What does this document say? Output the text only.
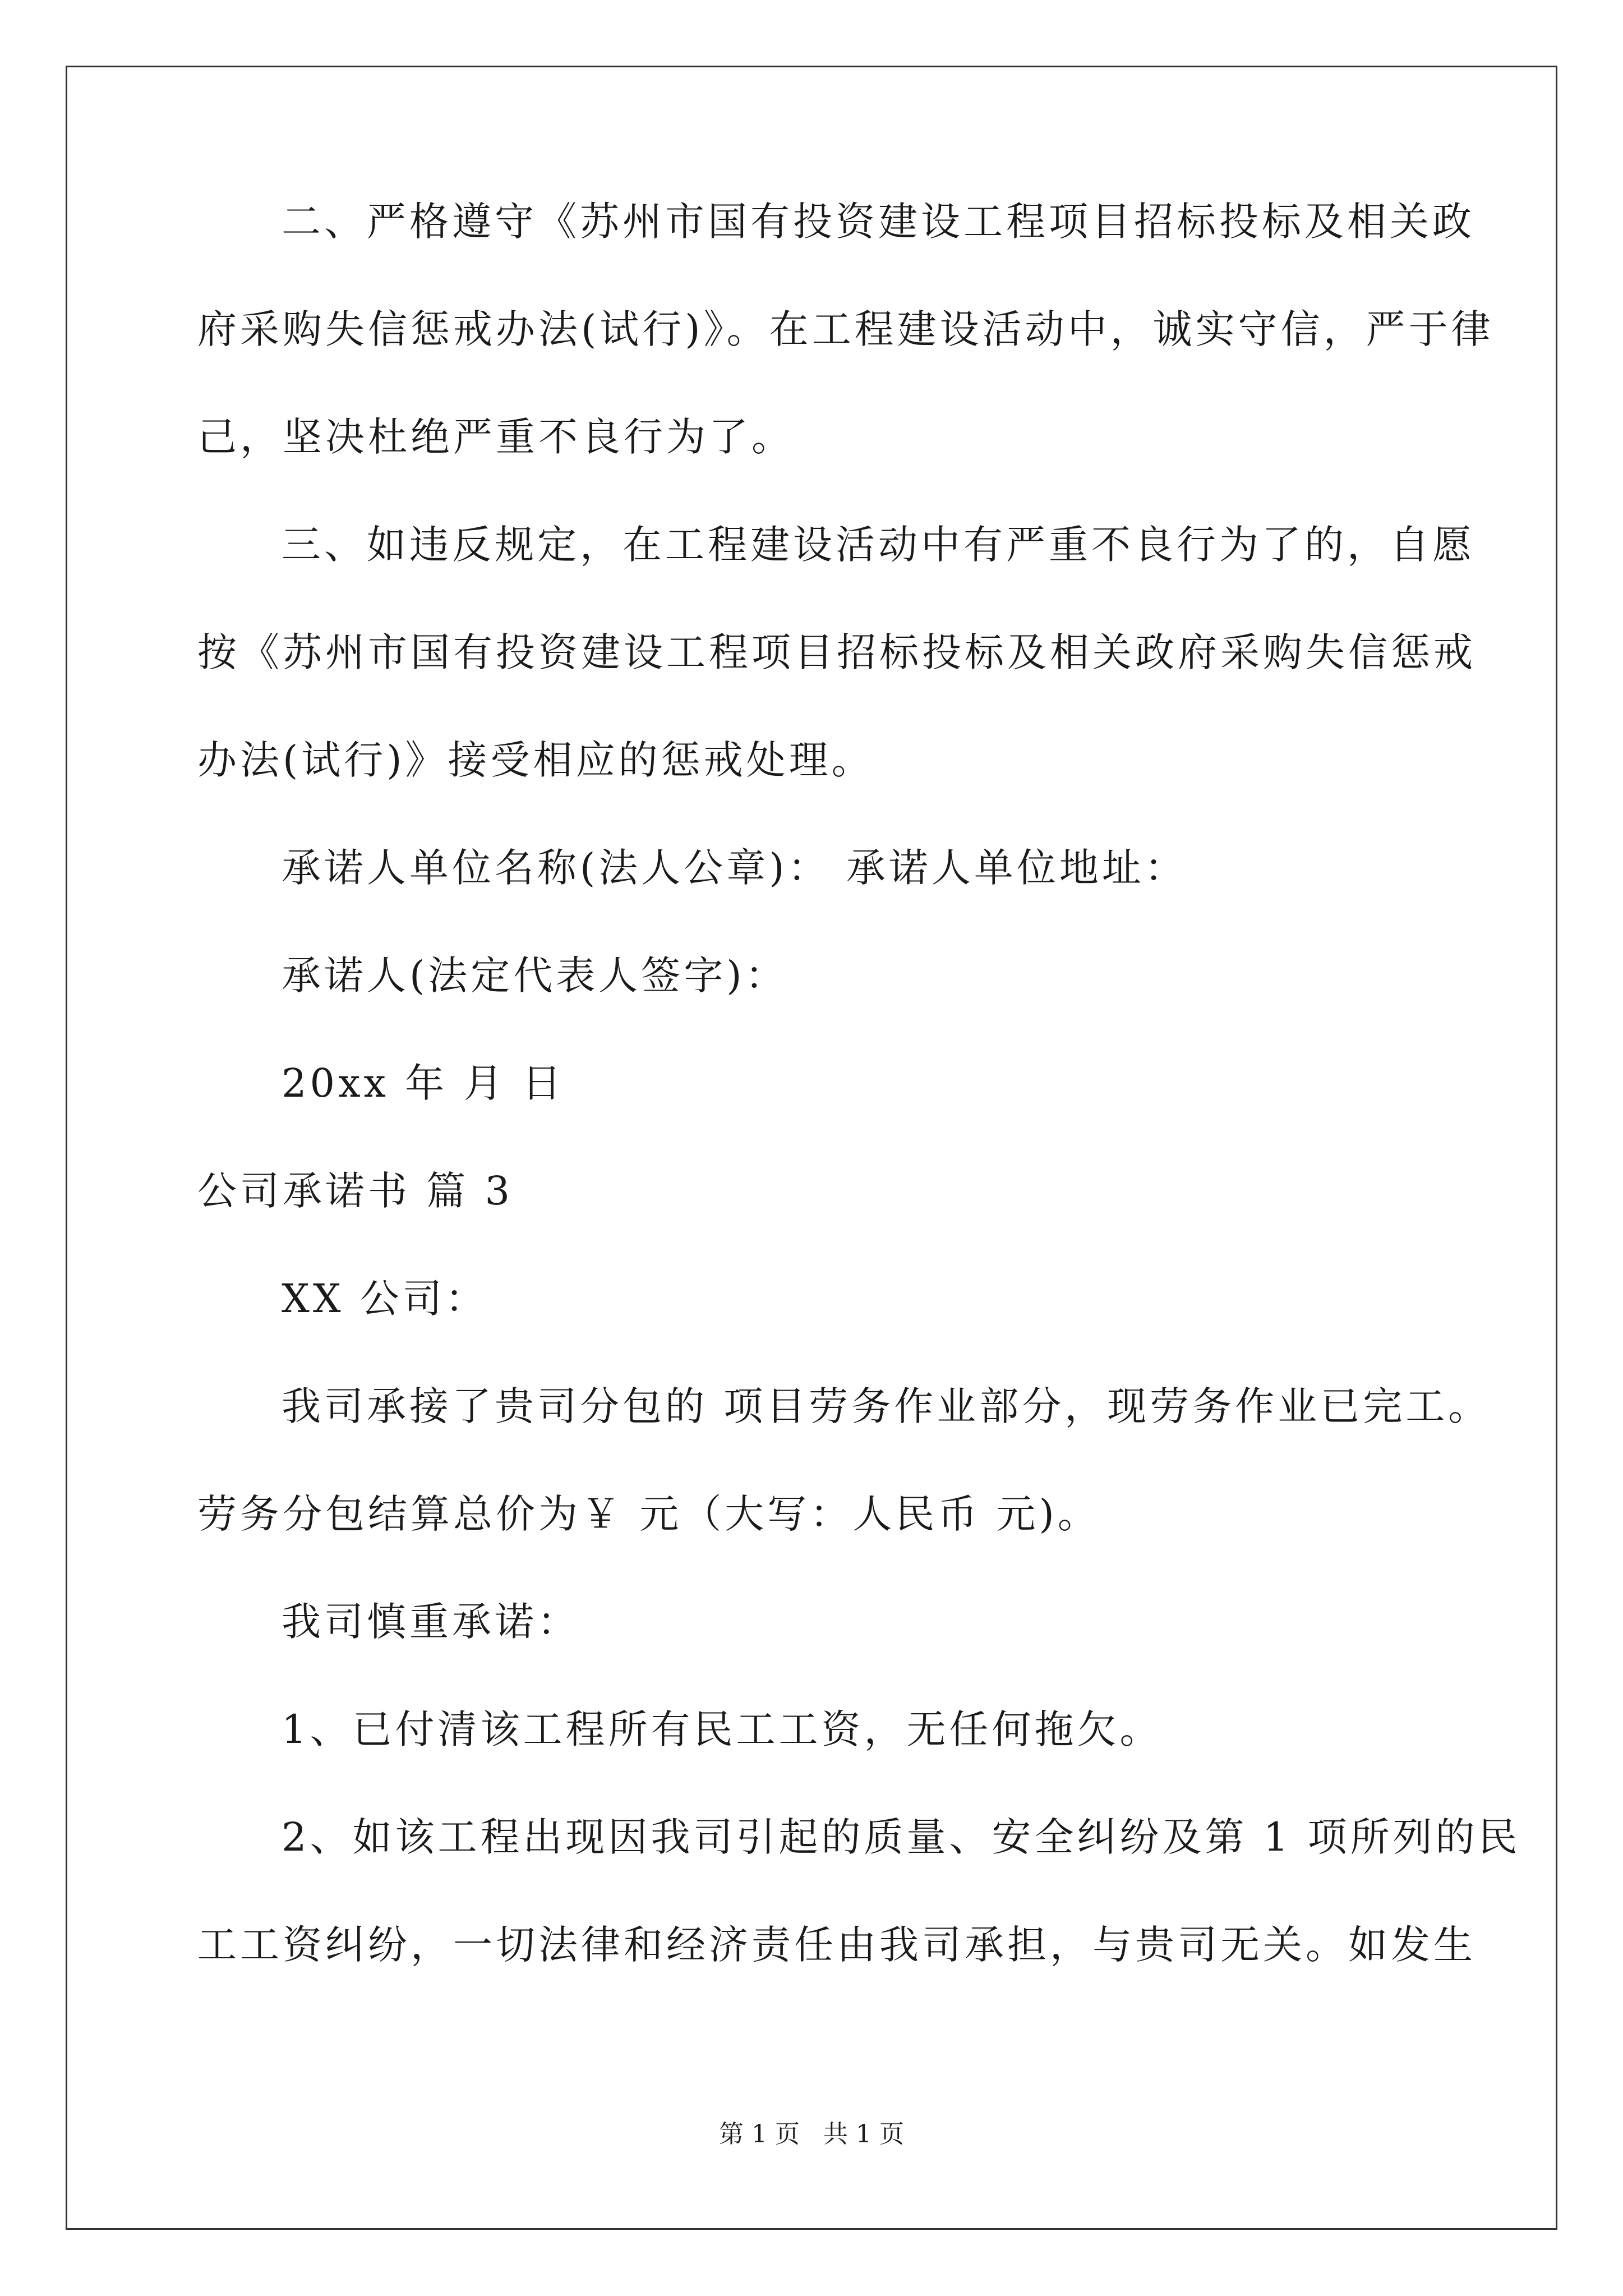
二、严格遵守《苏州市国有投资建设工程项目招标投标及相关政
府采购失信惩戒办法(试行)》。在工程建设活动中，诚实守信，严于律
己，坚决杜绝严重不良行为了。
三、如违反规定，在工程建设活动中有严重不良行为了的，自愿
按《苏州市国有投资建设工程项目招标投标及相关政府采购失信惩戒
办法(试行)》接受相应的惩戒处理。
承诺人单位名称(法人公章)： 承诺人单位地址：
承诺人(法定代表人签字)：
20xx 年 月 日
公司承诺书 篇 3
XX 公司：
我司承接了贵司分包的 项目劳务作业部分，现劳务作业已完工。
劳务分包结算总价为￥ 元（大写：人民币 元)。
我司慎重承诺：
1、已付清该工程所有民工工资，无任何拖欠。
2、如该工程出现因我司引起的质量、安全纠纷及第 1 项所列的民
工工资纠纷，一切法律和经济责任由我司承担，与贵司无关。如发生
第 1 页 共 1 页
